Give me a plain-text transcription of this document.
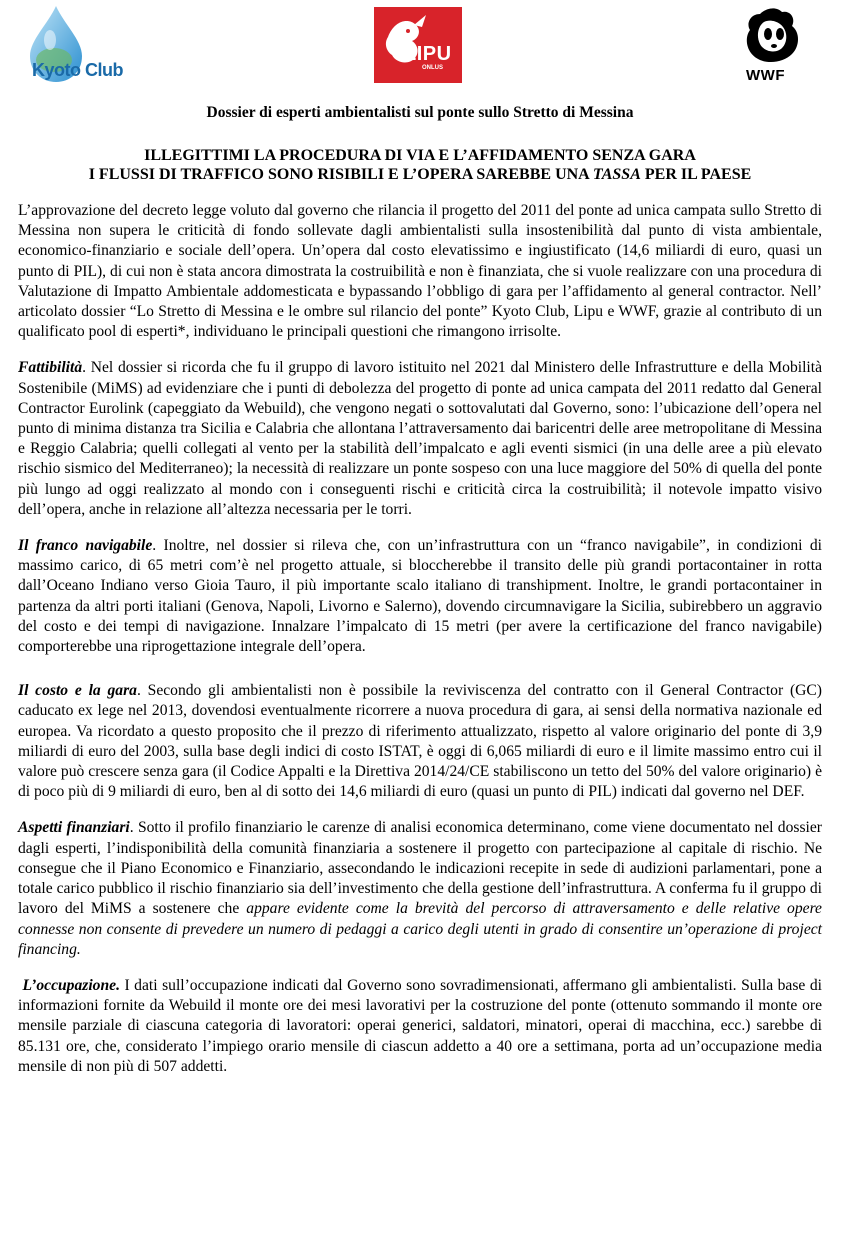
Kyoto Club
LIPU
ONLUS	WWF
Dossier di esperti ambientalisti sul ponte sullo Stretto di Messina
ILLEGITTIMI LA PROCEDURA DI VIA E L’AFFIDAMENTO SENZA GARA
I FLUSSI DI TRAFFICO SONO RISIBILI E L’OPERA SAREBBE UNA TASSA PER IL PAESE

L’approvazione del decreto legge voluto dal governo che rilancia il progetto del 2011 del ponte ad unica campata sullo Stretto di Messina non supera le criticità di fondo sollevate dagli ambientalisti sulla insostenibilità dal punto di vista ambientale, economico-finanziario e sociale dell’opera. Un’opera dal costo elevatissimo e ingiustificato (14,6 miliardi di euro, quasi un punto di PIL), di cui non è stata ancora dimostrata la costruibilità e non è finanziata, che si vuole realizzare con una procedura di Valutazione di Impatto Ambientale addomesticata e bypassando l’obbligo di gara per l’affidamento al general contractor. Nell’ articolato dossier “Lo Stretto di Messina e le ombre sul rilancio del ponte” Kyoto Club, Lipu e WWF, grazie al contributo di un qualificato pool di esperti*, individuano le principali questioni che rimangono irrisolte.

Fattibilità. Nel dossier si ricorda che fu il gruppo di lavoro istituito nel 2021 dal Ministero delle Infrastrutture e della Mobilità Sostenibile (MiMS) ad evidenziare che i punti di debolezza del progetto di ponte ad unica campata del 2011 redatto dal General Contractor Eurolink (capeggiato da Webuild), che vengono negati o sottovalutati dal Governo, sono: l’ubicazione dell’opera nel punto di minima distanza tra Sicilia e Calabria che allontana l’attraversamento dai baricentri delle aree metropolitane di Messina e Reggio Calabria; quelli collegati al vento per la stabilità dell’impalcato e agli eventi sismici (in una delle aree a più elevato rischio sismico del Mediterraneo); la necessità di realizzare un ponte sospeso con una luce maggiore del 50% di quella del ponte più lungo ad oggi realizzato al mondo con i conseguenti rischi e criticità circa la costruibilità; il notevole impatto visivo dell’opera, anche in relazione all’altezza necessaria per le torri.

Il franco navigabile. Inoltre, nel dossier si rileva che, con un’infrastruttura con un “franco navigabile”, in condizioni di massimo carico, di 65 metri com’è nel progetto attuale, si bloccherebbe il transito delle più grandi portacontainer in rotta dall’Oceano Indiano verso Gioia Tauro, il più importante scalo italiano di transhipment. Inoltre, le grandi portacontainer in partenza da altri porti italiani (Genova, Napoli, Livorno e Salerno), dovendo circumnavigare la Sicilia, subirebbero un aggravio del costo e dei tempi di navigazione. Innalzare l’impalcato di 15 metri (per avere la certificazione del franco navigabile) comporterebbe una riprogettazione integrale dell’opera.

Il costo e la gara. Secondo gli ambientalisti non è possibile la reviviscenza del contratto con il General Contractor (GC) caducato ex lege nel 2013, dovendosi eventualmente ricorrere a nuova procedura di gara, ai sensi della normativa nazionale ed europea. Va ricordato a questo proposito che il prezzo di riferimento attualizzato, rispetto al valore originario del ponte di 3,9 miliardi di euro del 2003, sulla base degli indici di costo ISTAT, è oggi di 6,065 miliardi di euro e il limite massimo entro cui il valore può crescere senza gara (il Codice Appalti e la Direttiva 2014/24/CE stabiliscono un tetto del 50% del valore originario) è di poco più di 9 miliardi di euro, ben al di sotto dei 14,6 miliardi di euro (quasi un punto di PIL) indicati dal governo nel DEF.

Aspetti finanziari. Sotto il profilo finanziario le carenze di analisi economica determinano, come viene documentato nel dossier dagli esperti, l’indisponibilità della comunità finanziaria a sostenere il progetto con partecipazione al capitale di rischio. Ne consegue che il Piano Economico e Finanziario, assecondando le indicazioni recepite in sede di audizioni parlamentari, pone a totale carico pubblico il rischio finanziario sia dell’investimento che della gestione dell’infrastruttura. A conferma fu il gruppo di lavoro del MiMS a sostenere che appare evidente come la brevità del percorso di attraversamento e delle relative opere connesse non consente di prevedere un numero di pedaggi a carico degli utenti in grado di consentire un’operazione di project financing.

L’occupazione. I dati sull’occupazione indicati dal Governo sono sovradimensionati, affermano gli ambientalisti. Sulla base di informazioni fornite da Webuild il monte ore dei mesi lavorativi per la costruzione del ponte (ottenuto sommando il monte ore mensile parziale di ciascuna categoria di lavoratori: operai generici, saldatori, minatori, operai di macchina, ecc.) sarebbe di 85.131 ore, che, considerato l’impiego orario mensile di ciascun addetto a 40 ore a settimana, porta ad un’occupazione media mensile di non più di 507 addetti.
